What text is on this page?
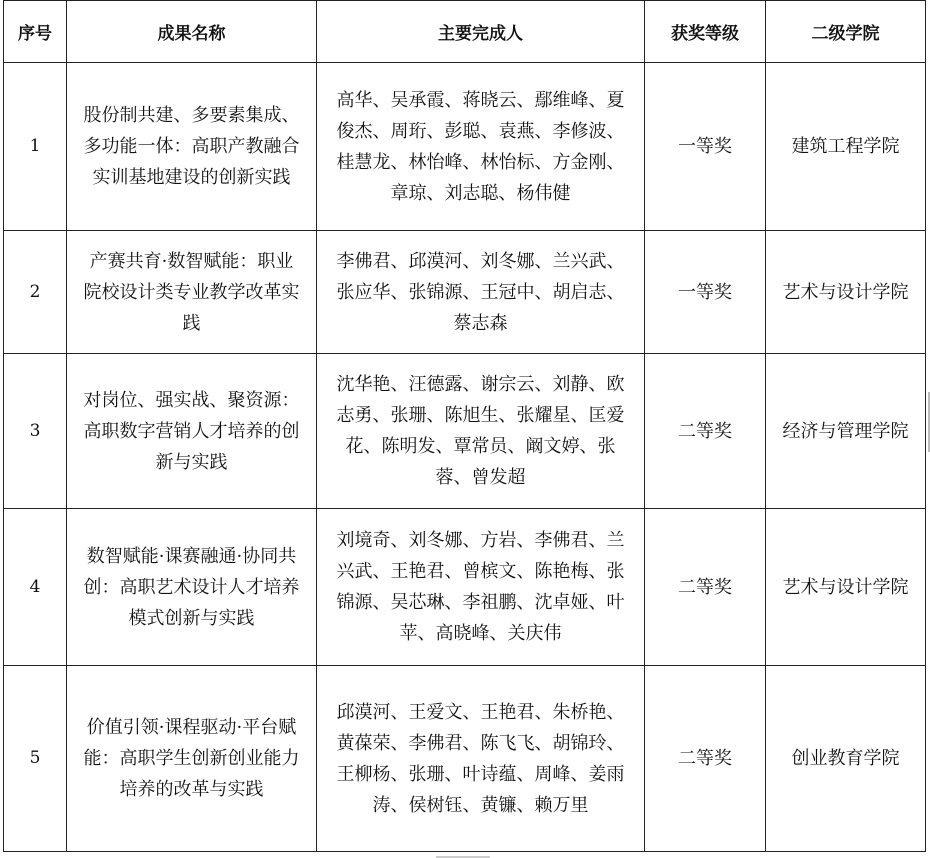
序号	成果名称	主要完成人	获奖等级	二级学院
1	股份制共建、多要素集成、多功能一体：高职产教融合实训基地建设的创新实践	高华、吴承霞、蒋晓云、鄢维峰、夏俊杰、周珩、彭聪、袁燕、李修波、桂慧龙、林怡峰、林怡标、方金刚、章琼、刘志聪、杨伟健	一等奖	建筑工程学院
2	产赛共育·数智赋能：职业院校设计类专业教学改革实践	李佛君、邱漠河、刘冬娜、兰兴武、张应华、张锦源、王冠中、胡启志、蔡志森	一等奖	艺术与设计学院
3	对岗位、强实战、聚资源：高职数字营销人才培养的创新与实践	沈华艳、汪德露、谢宗云、刘静、欧志勇、张珊、陈旭生、张耀星、匡爱花、陈明发、覃常员、阚文婷、张蓉、曾发超	二等奖	经济与管理学院
4	数智赋能·课赛融通·协同共创：高职艺术设计人才培养模式创新与实践	刘境奇、刘冬娜、方岩、李佛君、兰兴武、王艳君、曾槟文、陈艳梅、张锦源、吴芯琳、李祖鹏、沈卓娅、叶苹、高晓峰、关庆伟	二等奖	艺术与设计学院
5	价值引领·课程驱动·平台赋能：高职学生创新创业能力培养的改革与实践	邱漠河、王爱文、王艳君、朱桥艳、黄葆荣、李佛君、陈飞飞、胡锦玲、王柳杨、张珊、叶诗蕴、周峰、姜雨涛、侯树钰、黄镰、赖万里	二等奖	创业教育学院
